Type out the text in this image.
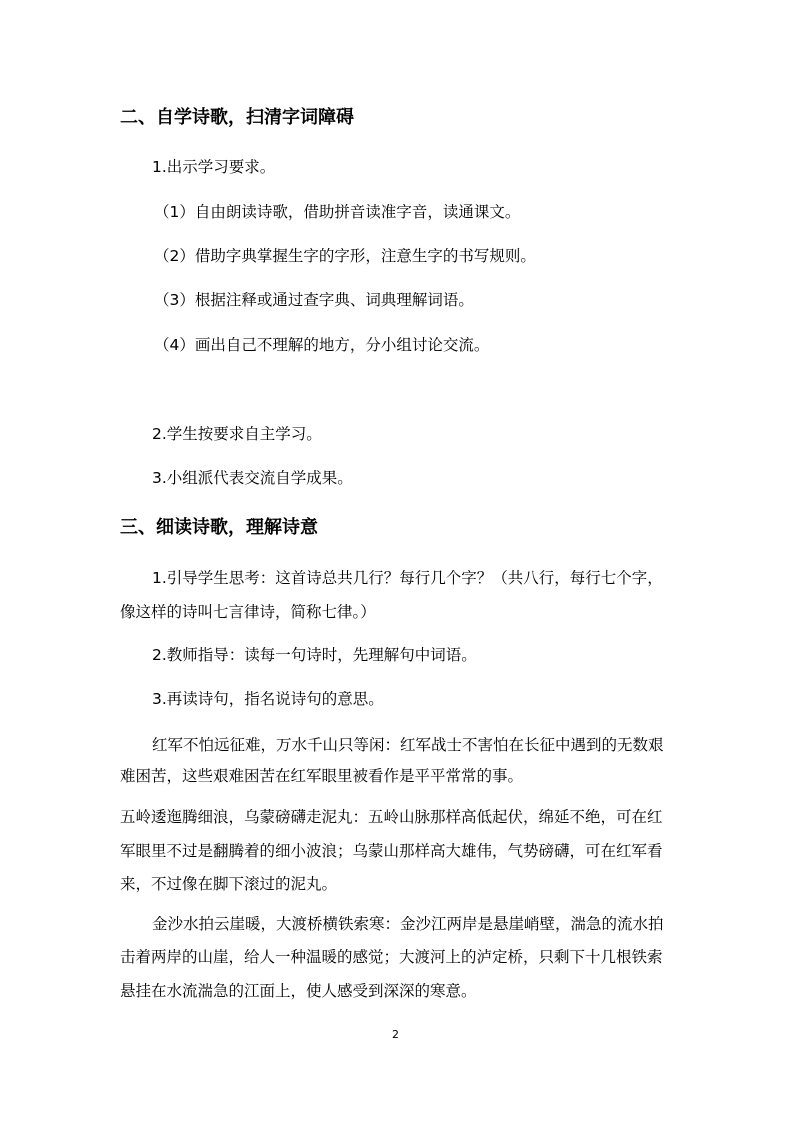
二、自学诗歌，扫清字词障碍
1.出示学习要求。
（1）自由朗读诗歌，借助拼音读准字音，读通课文。
（2）借助字典掌握生字的字形，注意生字的书写规则。
（3）根据注释或通过查字典、词典理解词语。
（4）画出自己不理解的地方，分小组讨论交流。
2.学生按要求自主学习。
3.小组派代表交流自学成果。
三、细读诗歌，理解诗意
1.引导学生思考：这首诗总共几行？每行几个字？（共八行，每行七个字，
像这样的诗叫七言律诗，简称七律。）
2.教师指导：读每一句诗时，先理解句中词语。
3.再读诗句，指名说诗句的意思。
红军不怕远征难，万水千山只等闲：红军战士不害怕在长征中遇到的无数艰
难困苦，这些艰难困苦在红军眼里被看作是平平常常的事。
五岭逶迤腾细浪，乌蒙磅礴走泥丸：五岭山脉那样高低起伏，绵延不绝，可在红
军眼里不过是翻腾着的细小波浪；乌蒙山那样高大雄伟，气势磅礴，可在红军看
来，不过像在脚下滚过的泥丸。
金沙水拍云崖暖，大渡桥横铁索寒：金沙江两岸是悬崖峭壁，湍急的流水拍
击着两岸的山崖，给人一种温暖的感觉；大渡河上的泸定桥，只剩下十几根铁索
悬挂在水流湍急的江面上，使人感受到深深的寒意。
2
